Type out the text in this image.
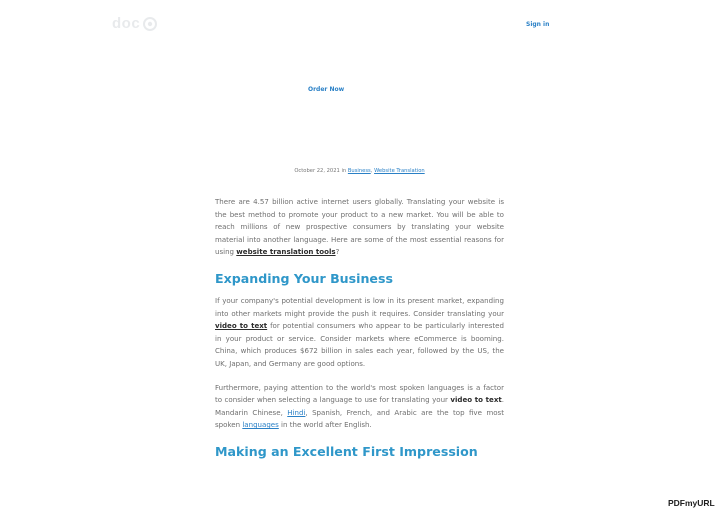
doc	Sign in
Order Now
October 22, 2021 in Business, Website Translation

There are 4.57 billion active internet users globally. Translating your website is the best method to promote your product to a new market. You will be able to reach millions of new prospective consumers by translating your website material into another language. Here are some of the most essential reasons for using website translation tools?

Expanding Your Business

If your company's potential development is low in its present market, expanding into other markets might provide the push it requires. Consider translating your video to text for potential consumers who appear to be particularly interested in your product or service. Consider markets where eCommerce is booming. China, which produces $672 billion in sales each year, followed by the US, the UK, Japan, and Germany are good options.

Furthermore, paying attention to the world's most spoken languages is a factor to consider when selecting a language to use for translating your video to text. Mandarin Chinese, Hindi, Spanish, French, and Arabic are the top five most spoken languages in the world after English.

Making an Excellent First Impression
PDFmyURL
